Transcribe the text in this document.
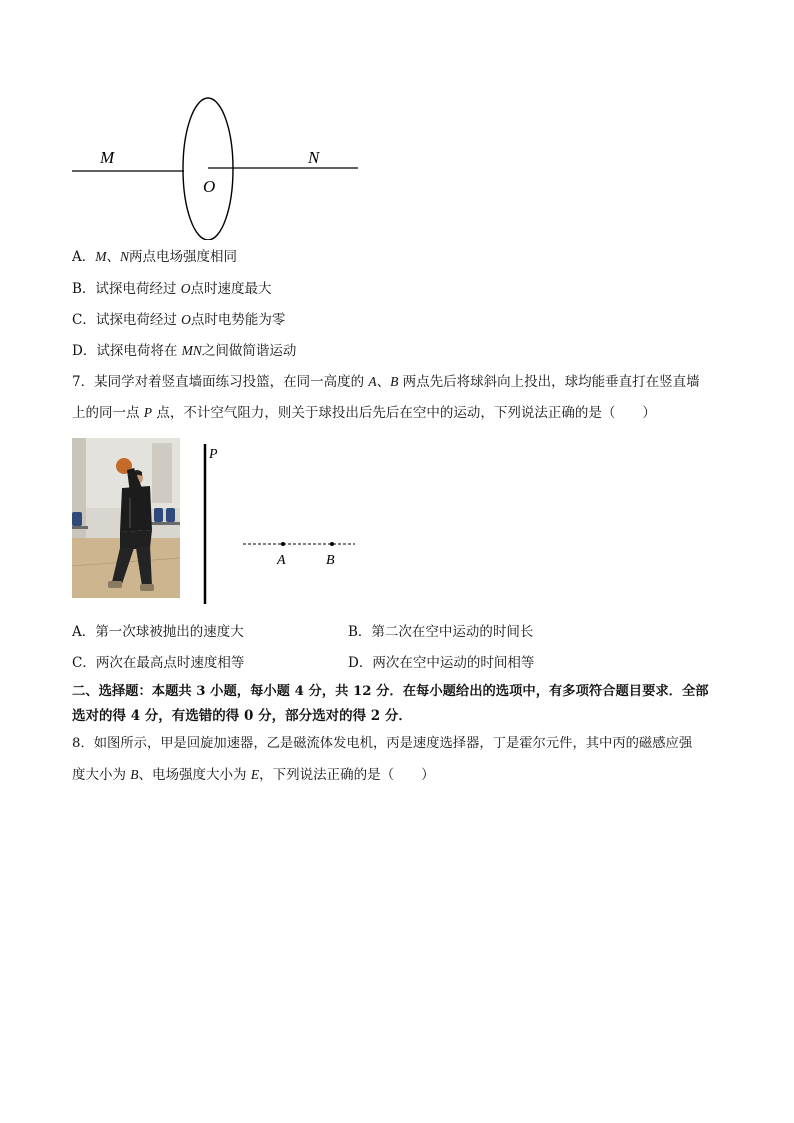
M
O
N
A．M、N两点电场强度相同
B．试探电荷经过 O点时速度最大
C．试探电荷经过 O点时电势能为零
D．试探电荷将在 MN之间做简谐运动
7．某同学对着竖直墙面练习投篮，在同一高度的 A、B 两点先后将球斜向上投出，球均能垂直打在竖直墙
上的同一点 P 点，不计空气阻力，则关于球投出后先后在空中的运动，下列说法正确的是（　　）
P
A	B
A．第一次球被抛出的速度大	B．第二次在空中运动的时间长
C．两次在最高点时速度相等	D．两次在空中运动的时间相等
二、选择题：本题共 3 小题，每小题 4 分，共 12 分．在每小题给出的选项中，有多项符合题目要求．全部
选对的得 4 分，有选错的得 0 分，部分选对的得 2 分．
8．如图所示，甲是回旋加速器，乙是磁流体发电机，丙是速度选择器，丁是霍尔元件，其中丙的磁感应强
度大小为 B、电场强度大小为 E，下列说法正确的是（　　）
